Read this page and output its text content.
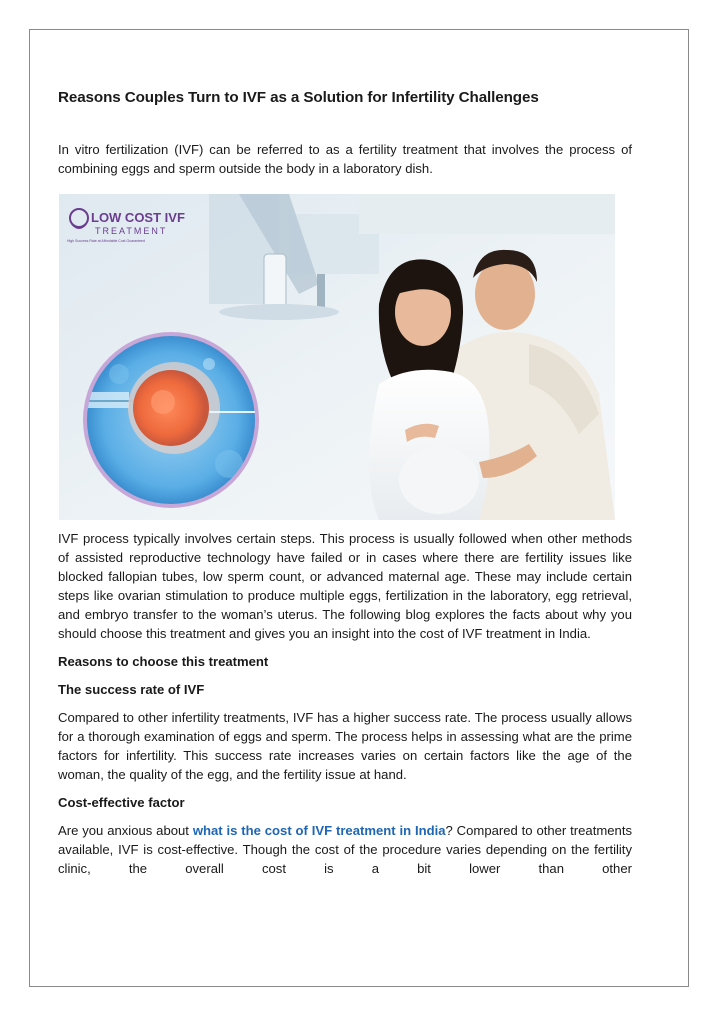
Reasons Couples Turn to IVF as a Solution for Infertility Challenges

In vitro fertilization (IVF) can be referred to as a fertility treatment that involves the process of combining eggs and sperm outside the body in a laboratory dish.

LOW COST IVF
TREATMENT
High Success Rate at Affordable Cost Guaranteed

IVF process typically involves certain steps. This process is usually followed when other methods of assisted reproductive technology have failed or in cases where there are fertility issues like blocked fallopian tubes, low sperm count, or advanced maternal age. These may include certain steps like ovarian stimulation to produce multiple eggs, fertilization in the laboratory, egg retrieval, and embryo transfer to the woman’s uterus. The following blog explores the facts about why you should choose this treatment and gives you an insight into the cost of IVF treatment in India.

Reasons to choose this treatment
The success rate of IVF

Compared to other infertility treatments, IVF has a higher success rate. The process usually allows for a thorough examination of eggs and sperm. The process helps in assessing what are the prime factors for infertility. This success rate increases varies on certain factors like the age of the woman, the quality of the egg, and the fertility issue at hand.

Cost-effective factor

Are you anxious about what is the cost of IVF treatment in India? Compared to other treatments available, IVF is cost-effective. Though the cost of the procedure varies depending on the fertility clinic, the overall cost is a bit lower than other
